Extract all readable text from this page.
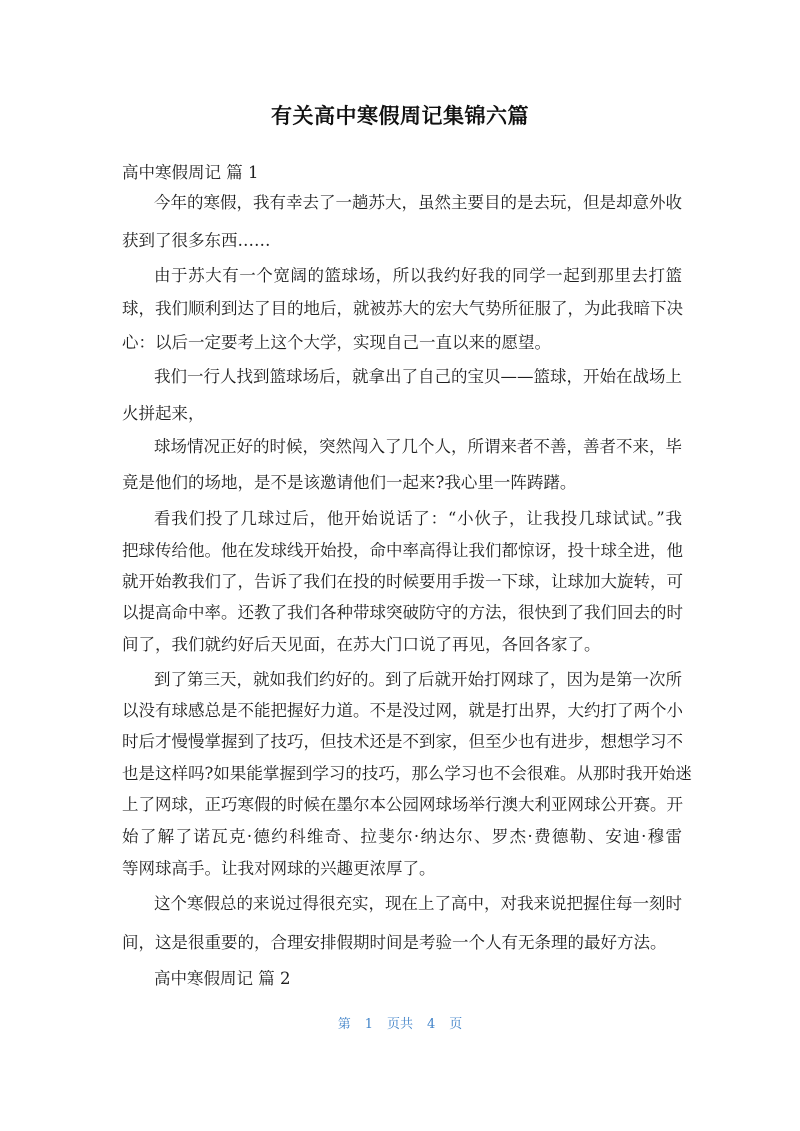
有关高中寒假周记集锦六篇
高中寒假周记 篇 1
今年的寒假，我有幸去了一趟苏大，虽然主要目的是去玩，但是却意外收
获到了很多东西……
由于苏大有一个宽阔的篮球场，所以我约好我的同学一起到那里去打篮
球，我们顺利到达了目的地后，就被苏大的宏大气势所征服了，为此我暗下决
心：以后一定要考上这个大学，实现自己一直以来的愿望。
我们一行人找到篮球场后，就拿出了自己的宝贝——篮球，开始在战场上
火拼起来，
球场情况正好的时候，突然闯入了几个人，所谓来者不善，善者不来，毕
竟是他们的场地，是不是该邀请他们一起来?我心里一阵踌躇。
看我们投了几球过后，他开始说话了：“小伙子，让我投几球试试。”我
把球传给他。他在发球线开始投，命中率高得让我们都惊讶，投十球全进，他
就开始教我们了，告诉了我们在投的时候要用手拨一下球，让球加大旋转，可
以提高命中率。还教了我们各种带球突破防守的方法，很快到了我们回去的时
间了，我们就约好后天见面，在苏大门口说了再见，各回各家了。
到了第三天，就如我们约好的。到了后就开始打网球了，因为是第一次所
以没有球感总是不能把握好力道。不是没过网，就是打出界，大约打了两个小
时后才慢慢掌握到了技巧，但技术还是不到家，但至少也有进步，想想学习不
也是这样吗?如果能掌握到学习的技巧，那么学习也不会很难。从那时我开始迷
上了网球，正巧寒假的时候在墨尔本公园网球场举行澳大利亚网球公开赛。开
始了解了诺瓦克·德约科维奇、拉斐尔·纳达尔、罗杰·费德勒、安迪·穆雷
等网球高手。让我对网球的兴趣更浓厚了。
这个寒假总的来说过得很充实，现在上了高中，对我来说把握住每一刻时
间，这是很重要的，合理安排假期时间是考验一个人有无条理的最好方法。
高中寒假周记 篇 2
第 1 页共 4 页
